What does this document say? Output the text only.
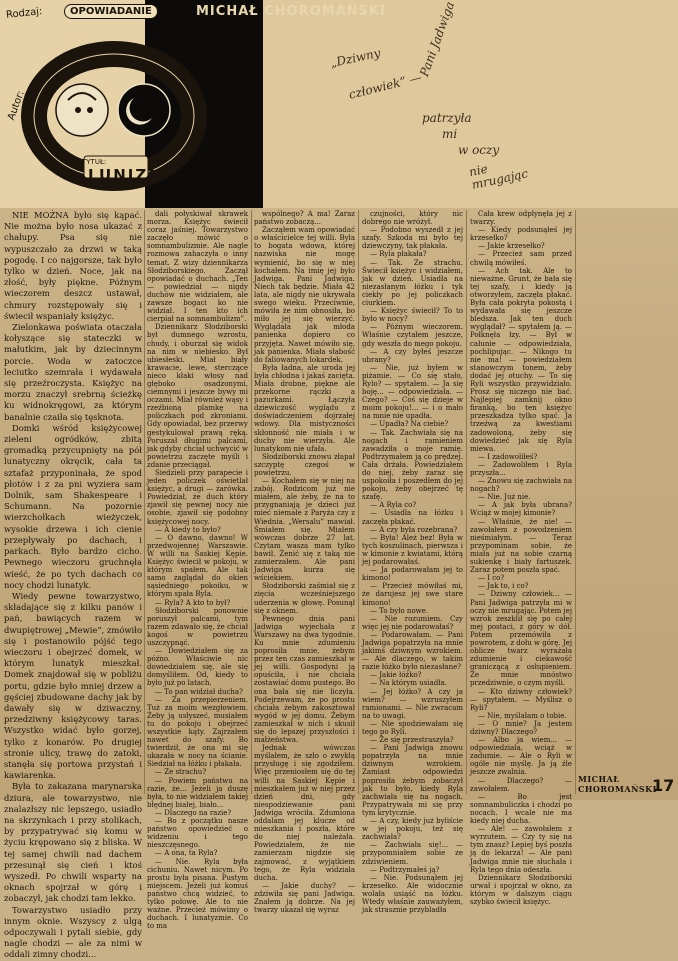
Rodzaj:	OPOWIADANIE
LUNIZM
TYTUŁ:
Autor:
MICHAŁ CHOROMAŃSKI
„Dziwny
człowiek” —
Pani Jadwiga
patrzyła
mi
w oczy
nie mrugając

NIE MOŻNA było się kąpać. Nie można było nosa ukazać z chałupy. Psa się nie wypuszczało za drzwi w taką pogodę. I co najgorsze, tak było tylko w dzień. Noce, jak na złość, były piękne. Późnym wieczorem deszcz ustawał, chmury rozstępowały się i świecił wspaniały księżyc.

Zielonkawa poświata otaczała kołyszące się stateczki w małutkim, jak by dziecinnym porcie. Woda w zatoczce leciutko szemrała i wydawała się przeźroczysta. Księżyc na morzu znaczył srebrną ścieżkę ku widnokręgowi, za którym banalnie czaiła się tęsknota.

Domki wśród księżycowej zieleni ogródków, zbitą gromadką przycupnięty na pół lunatyczny okręcik, cała ta sztafaż przyponinała, że spod płotów i z za pni wyziera sam Dolnik, sam Shakespeare i Schumann. Na pozornie wierzchołkach wieżyczek, wysokie drzewa i ich cienie przepływały po dachach, i parkach. Było bardzo cicho. Pewnego wieczoru gruchnęła wieść, że po tych dachach co nocy chodzi lunatyk.

Wiedy pewne towarzystwo, składające się z kilku panów i pań, bawiących razem w dwupiętrowej „Mewie”, zmówiło się i postanowiło pójść tego wieczoru i obejrzeć domek, w którym lunatyk mieszkał. Domek znajdował się w pobliżu portu, gdzie było mniej drzew a gęściej zbudowane dachy jak by dawały się w dziwaczny, przedziwny księżycowy taras. Wszystko widać było gorzej, tylko z konarów. Po drugiej stronie ulicy, trawę do zatoki, stanęła się portowa przystań i kawiarenka.

Była to zakazana marynarska dziura, ale towarzystwo, nie znalazłszy nic lepszego, usiadło na skrzynkach i przy stolikach, by przypatrywać się komu w życiu krępowano się z bliska. W tej samej chwili nad dachem przesunął się cień i ktoś wyszedł. Po chwili wsparty na oknach spojrzał w górę i zobaczył, jak chodzi tam lekko.

Towarzystwo usiadło przy innym oknie. Wszyscy z ulgą odpoczywali i pytali siebie, gdy nagle chodzi — ale za nimi w oddali zimny chodzi...

dali połyskiwał skrawek morza. Księżyc świecił coraz jaśniej. Towarzystwo zaczęło mówić o somnambulizmie. Ale nagle rozmowa zahaczyła o inny temat. Z wizy dziennikarza Słodziborskiego. Zaczął opowiadać o duchach. „Ten — powiedział — nigdy duchów nie widziałem, ale zawsze bogaci ko nie widział. I ten kto ich cierpiał na somnambulizm”.

Dziennikarz Słodziborski był dumnego wzrostu, chudy, i oburzał się widok na nim w niebiesko. Był ubiesłeski. Miał biały krawacie, lewe, sterczące nieco kłaki włosy nad głęboko osadzonymi, ciemnymi i jeszcze bywy mi oczami. Miał również wąsy i rzeźbioną plamkę na policzkach pod zkroniami. Gdy opowiadał, bez przerwy gestykulował prawą ręką. Poruszał długimi palcami, jak gdyby chciał uchwycić w powietrzu zaczęte myśli i zdanie przeciągał.

Siedzieli przy parapecie i jeden policzek oświetlał księżyc, a drugi — żarówka. Powiedział, że duch który zjawił się pewnej nocy nie osobie, zjawił się podobny księżycowej nocy.

— A kiedy to było?

— O dawno, dawno! W przedwojennej Warszawie. W willi na Saskiej Kępie. Księżyc świecił w pokoju, w którym spałem. Ale tak samo zaglądał do okien sąsiedniego pokoiku, w którym spała Ryla.

— Ryla? A kto to był?

Słodziborski ponownie poruszył palcami, tym razem zdawało się, że chciał kogoś w powietrzu uszczypnąć.

— Dowiedziałem się za późno. Właściwie nic dowiedziałem się, ale się domyśliłem. Od, kiedy to było już po latach.

— To pan widział ducha?

— Za przepierzeniem. Tuż za moim wezgłowiem. Żeby ją usłyszeć, musiałem tu do pokoju i obejrzeć wszystkie kąty. Zajrzałem nawet do szafy. Bo twierdził, że ona mi się ukazała w nocy na ścianie. Siedział na łóżku i płakała.

— Ze strachu?

— Powiem państwu na razie, że... Jeżeli ja duszę była, to nie widziałem takiej błędnej białej, biało...

— Dlaczego na razie?

— Bo z początku nasze państwo opowiedzieć o widzeniu i tego nieszczęsnego.

— A ona, ta Ryla?

— Nie. Ryla była cichuniu. Nawet nicym. Po prostu była pisana. Pustym miejscem. Jeżeli już komuś państwo chcą widzieć, to tylko połowę. Ale to nie ważne. Przecież mówimy o duchach. I lunatyzmie. Co to ma

wspólnego? A ma! Zaraz państwo zobaczą...

Zacząłem wam opowiadać o właścicielce tej willi. Była to bogata wdowa, której nazwiska nie mogę wymienić, bo się w niej kochałem. Na imię jej było Jadwiga. Pani Jadwiga. Niech tak będzie. Miała 42 lata, ale nigdy nie ukrywała swego wieku. Przeciwnie, mówiła że nim obnosiła, bo miło jej się wierzyć. Wyglądała jak młoda panienka dopiero co przyjęta. Nawet mówiło się, jak panienka. Miała słabość do faliowanych lokardek.

Była ładna, ale uroda jej była chłodna i jakaś zacięta. Miała drobne, piękne ale przekorne rączki a pazurkami. Łączyła dziewiczość wyglądu z doświadczeniem dojrzałej wdowy. Dla mistyczności skłonność nie miała i w duchy nie wierzyła. Ale lunatykom nie ufała.

Słodziborski znowu złapał szczyptę czegoś w powietrzu.

— Kochałem się w niej na zabój. Rodzicom już nie miałem, ale żeby, że na to przygnaniają je dzieci już mieć niemałe z Paryża czy z Wiednia. „Wersalu” mawiał. Śmiałem się. Miałem wówczas dobrze 27 lat. Czytam wasza mam tylko bawił. Żenić się z taką nie zamierzałem. Ale pani Jadwiga kurza się wściekiem.

Słodziborski zaśmiał się z zięcia wcześniejszego uderzenia w głowę. Posunął się z oknem.

Pewnego dnia pani Jadwiga wyjechała z Warszawy na dwa tygodnie. Ku mnie zdumieniu poprosiła mnie, żebym przez ten czas zamieszkał w jej willi. Gospodyni ją opuściła, i nie chciała zostawiać domu pustego. Bo ona bała się nie liczyła. Podejrzewam, że po prostu chciała żebym zakosztował wygód w jej domu. Żebym zamieszkał w nich i skusił się do lepszej przyszłości i małżeństwa.

Jednak wówczas myślałem, że szło o zwykłą przysługę i się zgodziłem. Więc przeniosłem się do tej willi na Saskiej Kępie i mieszkałem już w niej przez dzień dni, gdy niespodziewanie pani Jadwiga wróciła. Zdumiona oddalam jej klucze od mieszkania i poszła, które do niej należała. Powiedziałem, że nie zamierzam nigdzie się zajmować, z wyjątkiem tego, że Ryla widziała ducha.

— Jakie duchy? — zdziwiła się pani Jadwiga. Znałem ją dobrze. Na jej twarzy ukazał się wyraz

czujności, który nic dobrego nie wróżył.

— Podobno wyszedł z jej szafy. Szkoda mi było tej dziewczyny, tak płakała.

— Ryla płakała?

— Tak. Ze strachu. Świecił księżyc i widziałem, jak w dzień. Usiadła na niezasłanym łóżku i tyk ciekły po jej policzkach ciurkiem.

— Księżyc świecił? To to było w nocy?

— Późnym wieczorem. Właśnie czytałem jeszcze, gdy weszła do mego pokoju.

— A czy byłeś jeszcze ubrany?

— Nie, już byłem w piżamie. — Co się stało, Rylo? — spytałem. — Ja się boję... — odpowiedziała. — Czego? — Coś się dzieje w moim pokoju!... — i o mało na mnie nie upadła.

— Upadła? Na ciebie?

— Tak. Zachwiała się na nogach i ramieniem zawadziła o moje ramię. Podtrzymałem ją co prędzej. Cała drżała. Powiedziałem do niej, żeby zaraz się uspokoiła i poszedłem do jej pokoju, żeby obejrzeć tę szafę.

— A Ryla co?

— Usiadła na łóżku i zaczęła płakać.

— A czy była rozebrana?

— Była! Ależ bez! Była w tych koszulinach, pierwsza i w kimonie z kwiatami, którą jej podarowałaś.

— Ja podarowałam jej to kimono!

— Przecież mówiłaś mi, że darujesz jej swe stare kimono!

— To było nowe.

— Nie rozumiem. Czy więc jej nie podarowałaś?

— Podarowałam. — Pani Jadwiga popatrzyła na mnie jakimś dziwnym wzrokiem. — Ale dlaczego, w takim razie łóżko było niezasłane?

— Jakie łóżko?

— Na którym usiadła.

— Jej łóżko? A czy ja wiem? — wzruszyłem ramionami. — Nie zwracam na to uwagi.

— Nie spodziewałam się tego po Ryli.

— Że się przestraszyła?

— Pani Jadwiga znowu popatrzyła na mnie dziwnym wzrokiem. Zamiast odpowiedzi poprosiła żebym zobaczył jak to było, kiedy Ryla zachwiała się na nogach. Przypatrywała mi się przy tym krytycznie.

— A czy, kiedy już byliście w jej pokoju, też się zachwiała?

— Zachwiała się!... — przypomniałem sobie ze zdziwieniem.

— Podtrzymałeś ją?

— Nie. Podsunąłem jej krzesełko. Ale widocznie wolała usiąść na łóżku. Wtedy właśnie zauważyłem, jak strasznie przybladła

Cała krew odpłynęła jej z twarzy.

— Kiedy podsunąłeś jej krzesełko?

— Jakie krzesełko?

— Przecież sam przed chwilą mówiłeś.

— Ach tak. Ale to nieważne. Grunt, że bała się tej szafy, i kiedy ją otworzyłem, zaczęła płakać. Była cała pokryta pokostą i wydawała się jeszcze bledsza. Jak ten duch wyglądał? — spytałem ją. — Połknęła łzy. — Był w całunie — odpowiedziała, pochlipując. — Nikogo tu nie ma! — powiedziałem stanowczym tonem, żeby dodać jej otuchy. — To się Ryli wszystko przywidziało. Prosz się niczego nie bać. Najlepiej zamknij okno firanką, bo ten księżyc przeszkadza tylko spać. Ja trzeźwą za kwestiami zadowoloną, żeby się dowiedzieć jak się Ryla miewa.

— I zadowoliłeś?

— Zadowoliłem i Ryla przyszła...

— Znowu się zachwiała na nogach?

— Nie. Już nie.

— A jak była ubrana? Wciąż w mojej kimonie?

— Właśnie, że nie! — zawołałem z powodzeniem nieśmiałym. — Teraz przypominam sobie, że miała już na sobie czarną sukienkę i biały fartuszek. Zaraz potem poszła spać.

— I co?

— Jak to, i co?

— Dziwny człowiek... — Pani Jadwiga patrzyła mi w oczy nie mrugając. Potem jej wzrok zeszklił się po całej mej postaci, z góry w dół. Potem przemówiła z powrotem, z dołu w górę. Jej oblicze twarz wyrażała zdumienie i ciekawość graniczącą z osłupieniem. Ze mnie mnóstwo przedziwnie, o czym myśli.

— Kto dziwny człowiek? — spytałem. — Myślisz o Ryli?

— Nie, myślałam o tobie.

— O mnie? Ja jestem dziwny? Dlaczego?

— Albo ja wiem... — odpowiedziała, wciąż w zadumie. — Ale o Ryli w ogóle nie myślę. Ja ją źle jeszcze zwalnia.

— Dlaczego? — zawołałem.

— Bo jest somnambuliczka i chodzi po nocach. I wcale nie ma kiedy niej ducha.

— Ale! — zawołałem z wyrzutem. — Czy ty się na tym znasz? Lepiej byś poszła ją do lekarza! — Ale pani Jadwiga mnie nie słuchała i Ryla tego dnia odeszła.

Dziennikarz Słodziborski urwał i spojrzał w okno, za którym w dalszym ciągu szybko świecił księżyc.

MICHAŁ CHOROMAŃSKI
17
